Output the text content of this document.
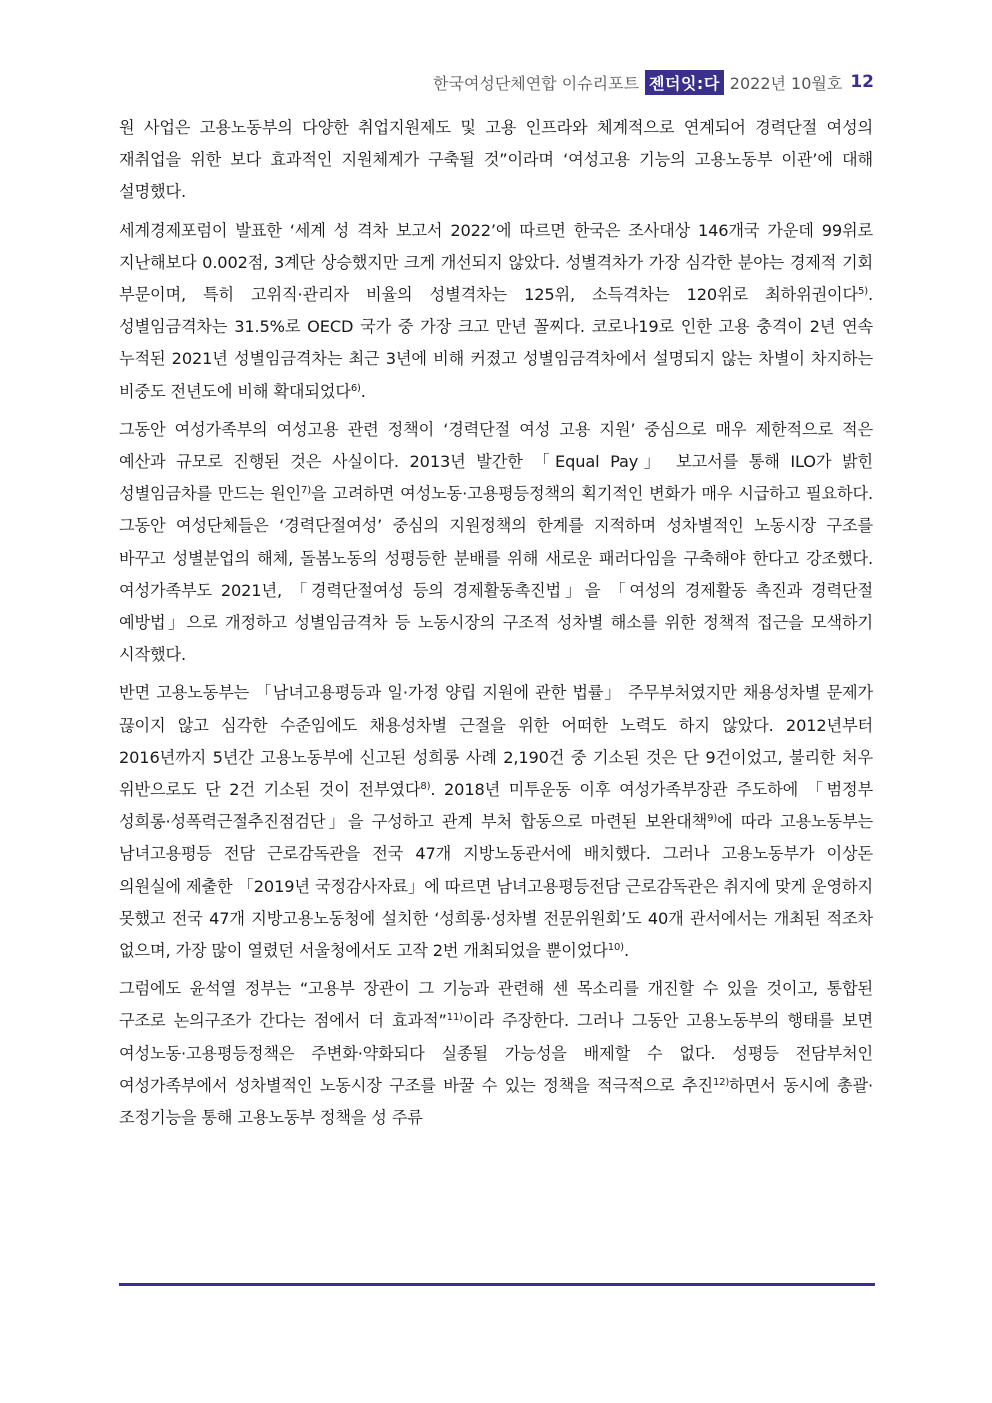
한국여성단체연합 이슈리포트 젠더잇:다 2022년 10월호 12

원 사업은 고용노동부의 다양한 취업지원제도 및 고용 인프라와 체계적으로 연계되어 경력단절 여성의 재취업을 위한 보다 효과적인 지원체계가 구축될 것”이라며 ‘여성고용 기능의 고용노동부 이관’에 대해 설명했다.

세계경제포럼이 발표한 ‘세계 성 격차 보고서 2022’에 따르면 한국은 조사대상 146개국 가운데 99위로 지난해보다 0.002점, 3계단 상승했지만 크게 개선되지 않았다. 성별격차가 가장 심각한 분야는 경제적 기회 부문이며, 특히 고위직·관리자 비율의 성별격차는 125위, 소득격차는 120위로 최하위권이다$^{5)}$. 성별임금격차는 31.5%로 OECD 국가 중 가장 크고 만년 꼴찌다. 코로나19로 인한 고용 충격이 2년 연속 누적된 2021년 성별임금격차는 최근 3년에 비해 커졌고 성별임금격차에서 설명되지 않는 차별이 차지하는 비중도 전년도에 비해 확대되었다$^{6)}$.

그동안 여성가족부의 여성고용 관련 정책이 ‘경력단절 여성 고용 지원’ 중심으로 매우 제한적으로 적은 예산과 규모로 진행된 것은 사실이다. 2013년 발간한 「Equal Pay」 보고서를 통해 ILO가 밝힌 성별임금차를 만드는 원인$^{7)}$을 고려하면 여성노동·고용평등정책의 획기적인 변화가 매우 시급하고 필요하다. 그동안 여성단체들은 ‘경력단절여성’ 중심의 지원정책의 한계를 지적하며 성차별적인 노동시장 구조를 바꾸고 성별분업의 해체, 돌봄노동의 성평등한 분배를 위해 새로운 패러다임을 구축해야 한다고 강조했다. 여성가족부도 2021년, 「경력단절여성 등의 경제활동촉진법」을 「여성의 경제활동 촉진과 경력단절 예방법」으로 개정하고 성별임금격차 등 노동시장의 구조적 성차별 해소를 위한 정책적 접근을 모색하기 시작했다.

반면 고용노동부는 「남녀고용평등과 일·가정 양립 지원에 관한 법률」 주무부처였지만 채용성차별 문제가 끊이지 않고 심각한 수준임에도 채용성차별 근절을 위한 어떠한 노력도 하지 않았다. 2012년부터 2016년까지 5년간 고용노동부에 신고된 성희롱 사례 2,190건 중 기소된 것은 단 9건이었고, 불리한 처우 위반으로도 단 2건 기소된 것이 전부였다$^{8)}$. 2018년 미투운동 이후 여성가족부장관 주도하에 「범정부 성희롱·성폭력근절추진점검단」을 구성하고 관계 부처 합동으로 마련된 보완대책$^{9)}$에 따라 고용노동부는 남녀고용평등 전담 근로감독관을 전국 47개 지방노동관서에 배치했다. 그러나 고용노동부가 이상돈 의원실에 제출한 「2019년 국정감사자료」에 따르면 남녀고용평등전담 근로감독관은 취지에 맞게 운영하지 못했고 전국 47개 지방고용노동청에 설치한 ‘성희롱·성차별 전문위원회’도 40개 관서에서는 개최된 적조차 없으며, 가장 많이 열렸던 서울청에서도 고작 2번 개최되었을 뿐이었다$^{10)}$.

그럼에도 윤석열 정부는 “고용부 장관이 그 기능과 관련해 센 목소리를 개진할 수 있을 것이고, 통합된 구조로 논의구조가 간다는 점에서 더 효과적”$^{11)}$이라 주장한다. 그러나 그동안 고용노동부의 행태를 보면 여성노동·고용평등정책은 주변화·약화되다 실종될 가능성을 배제할 수 없다. 성평등 전담부처인 여성가족부에서 성차별적인 노동시장 구조를 바꿀 수 있는 정책을 적극적으로 추진$^{12)}$하면서 동시에 총괄·조정기능을 통해 고용노동부 정책을 성 주류
